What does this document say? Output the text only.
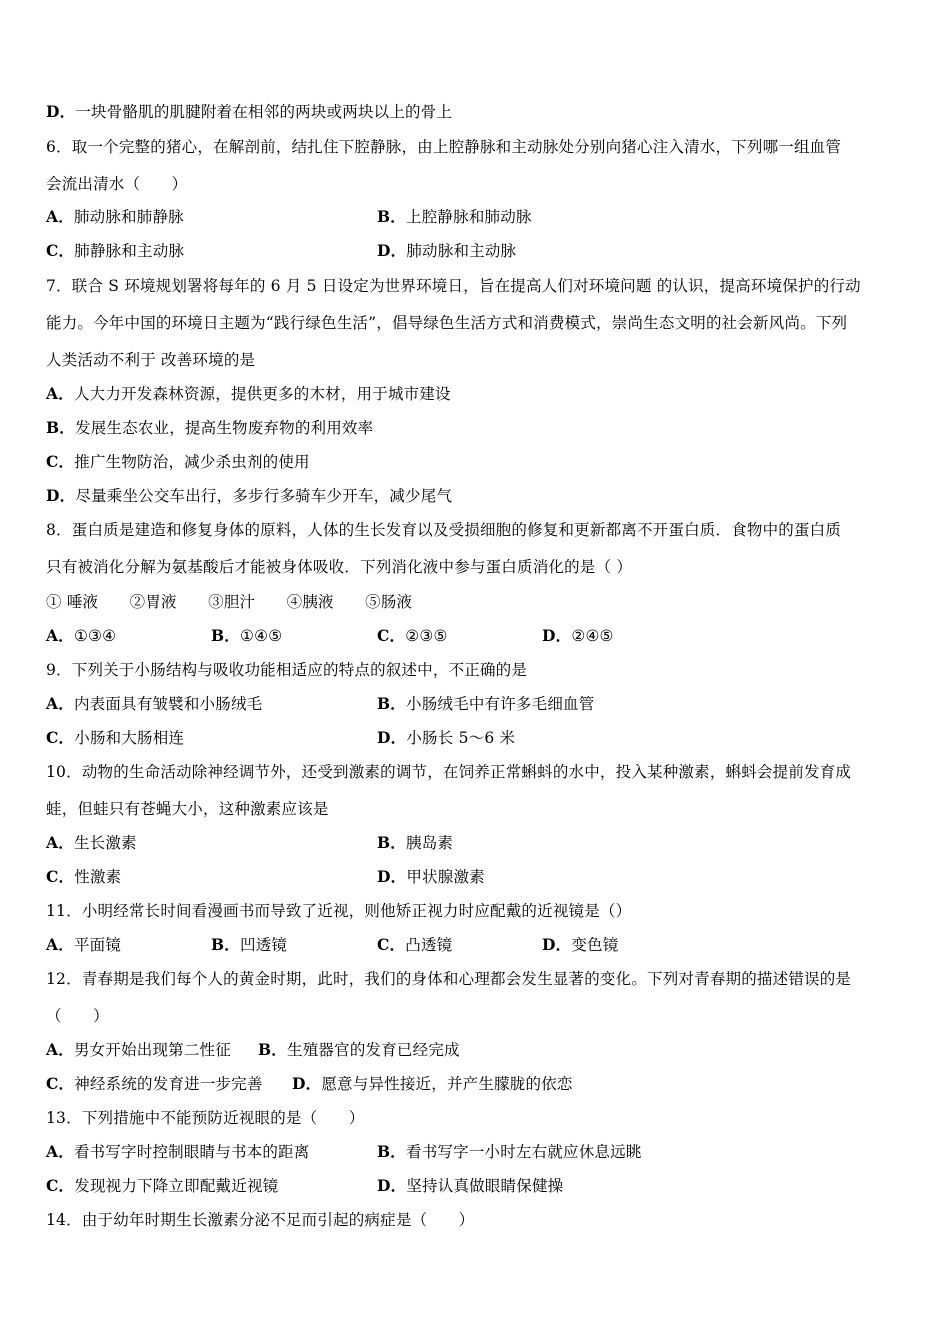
D．一块骨骼肌的肌腱附着在相邻的两块或两块以上的骨上
6．取一个完整的猪心，在解剖前，结扎住下腔静脉，由上腔静脉和主动脉处分别向猪心注入清水，下列哪一组血管
会流出清水（　　）
A．肺动脉和肺静脉	B．上腔静脉和肺动脉
C．肺静脉和主动脉	D．肺动脉和主动脉
7．联合 S 环境规划署将每年的 6 月 5 日设定为世界环境日，旨在提高人们对环境问题 的认识，提高环境保护的行动
能力。今年中国的环境日主题为“践行绿色生活”，倡导绿色生活方式和消费模式，崇尚生态文明的社会新风尚。下列
人类活动不利于 改善环境的是
A．人大力开发森林资源，提供更多的木材，用于城市建设
B．发展生态农业，提高生物废弃物的利用效率
C．推广生物防治，减少杀虫剂的使用
D．尽量乘坐公交车出行，多步行多骑车少开车，减少尾气
8．蛋白质是建造和修复身体的原料，人体的生长发育以及受损细胞的修复和更新都离不开蛋白质．食物中的蛋白质
只有被消化分解为氨基酸后才能被身体吸收．下列消化液中参与蛋白质消化的是（ ）
① 唾液　　②胃液　　③胆汁　　④胰液　　⑤肠液
A．①③④	B．①④⑤	C．②③⑤	D．②④⑤
9．下列关于小肠结构与吸收功能相适应的特点的叙述中，不正确的是
A．内表面具有皱襞和小肠绒毛	B．小肠绒毛中有许多毛细血管
C．小肠和大肠相连	D．小肠长 5～6 米
10．动物的生命活动除神经调节外，还受到激素的调节，在饲养正常蝌蚪的水中，投入某种激素，蝌蚪会提前发育成
蛙，但蛙只有苍蝇大小，这种激素应该是
A．生长激素	B．胰岛素
C．性激素	D．甲状腺激素
11．小明经常长时间看漫画书而导致了近视，则他矫正视力时应配戴的近视镜是（）
A．平面镜	B．凹透镜	C．凸透镜	D．变色镜
12．青春期是我们每个人的黄金时期，此时，我们的身体和心理都会发生显著的变化。下列对青春期的描述错误的是
（　　）
A．男女开始出现第二性征 B．生殖器官的发育已经完成
C．神经系统的发育进一步完善 D．愿意与异性接近，并产生朦胧的依恋
13．下列措施中不能预防近视眼的是（　　）
A．看书写字时控制眼睛与书本的距离	B．看书写字一小时左右就应休息远眺
C．发现视力下降立即配戴近视镜	D．坚持认真做眼睛保健操
14．由于幼年时期生长激素分泌不足而引起的病症是（　　）
